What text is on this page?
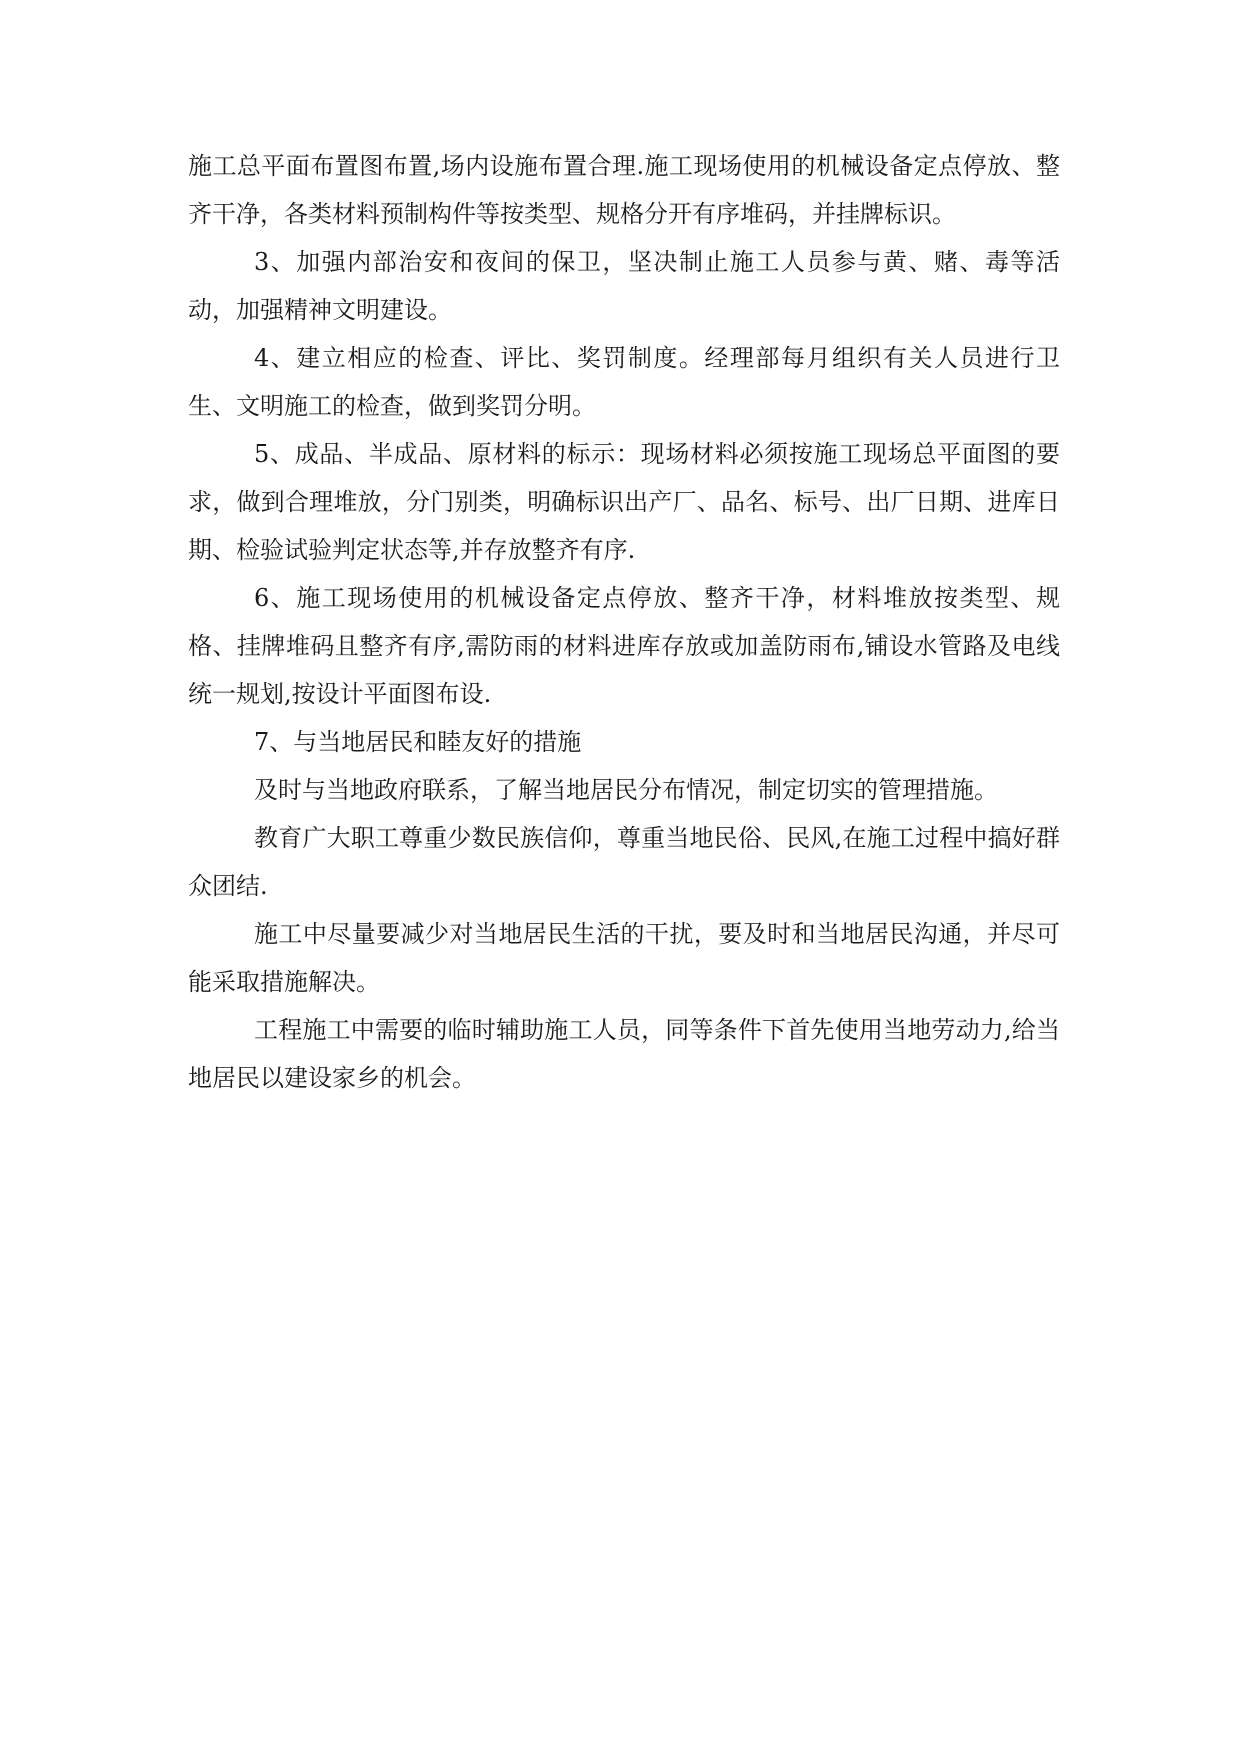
施工总平面布置图布置,场内设施布置合理.施工现场使用的机械设备定点停放、整齐干净，各类材料预制构件等按类型、规格分开有序堆码，并挂牌标识。

3、加强内部治安和夜间的保卫，坚决制止施工人员参与黄、赌、毒等活动，加强精神文明建设。

4、建立相应的检查、评比、奖罚制度。经理部每月组织有关人员进行卫生、文明施工的检查，做到奖罚分明。

5、成品、半成品、原材料的标示：现场材料必须按施工现场总平面图的要求，做到合理堆放，分门别类，明确标识出产厂、品名、标号、出厂日期、进库日期、检验试验判定状态等,并存放整齐有序.

6、施工现场使用的机械设备定点停放、整齐干净，材料堆放按类型、规格、挂牌堆码且整齐有序,需防雨的材料进库存放或加盖防雨布,铺设水管路及电线统一规划,按设计平面图布设.

7、与当地居民和睦友好的措施

及时与当地政府联系，了解当地居民分布情况，制定切实的管理措施。

教育广大职工尊重少数民族信仰，尊重当地民俗、民风,在施工过程中搞好群众团结.

施工中尽量要减少对当地居民生活的干扰，要及时和当地居民沟通，并尽可能采取措施解决。

工程施工中需要的临时辅助施工人员，同等条件下首先使用当地劳动力,给当地居民以建设家乡的机会。
